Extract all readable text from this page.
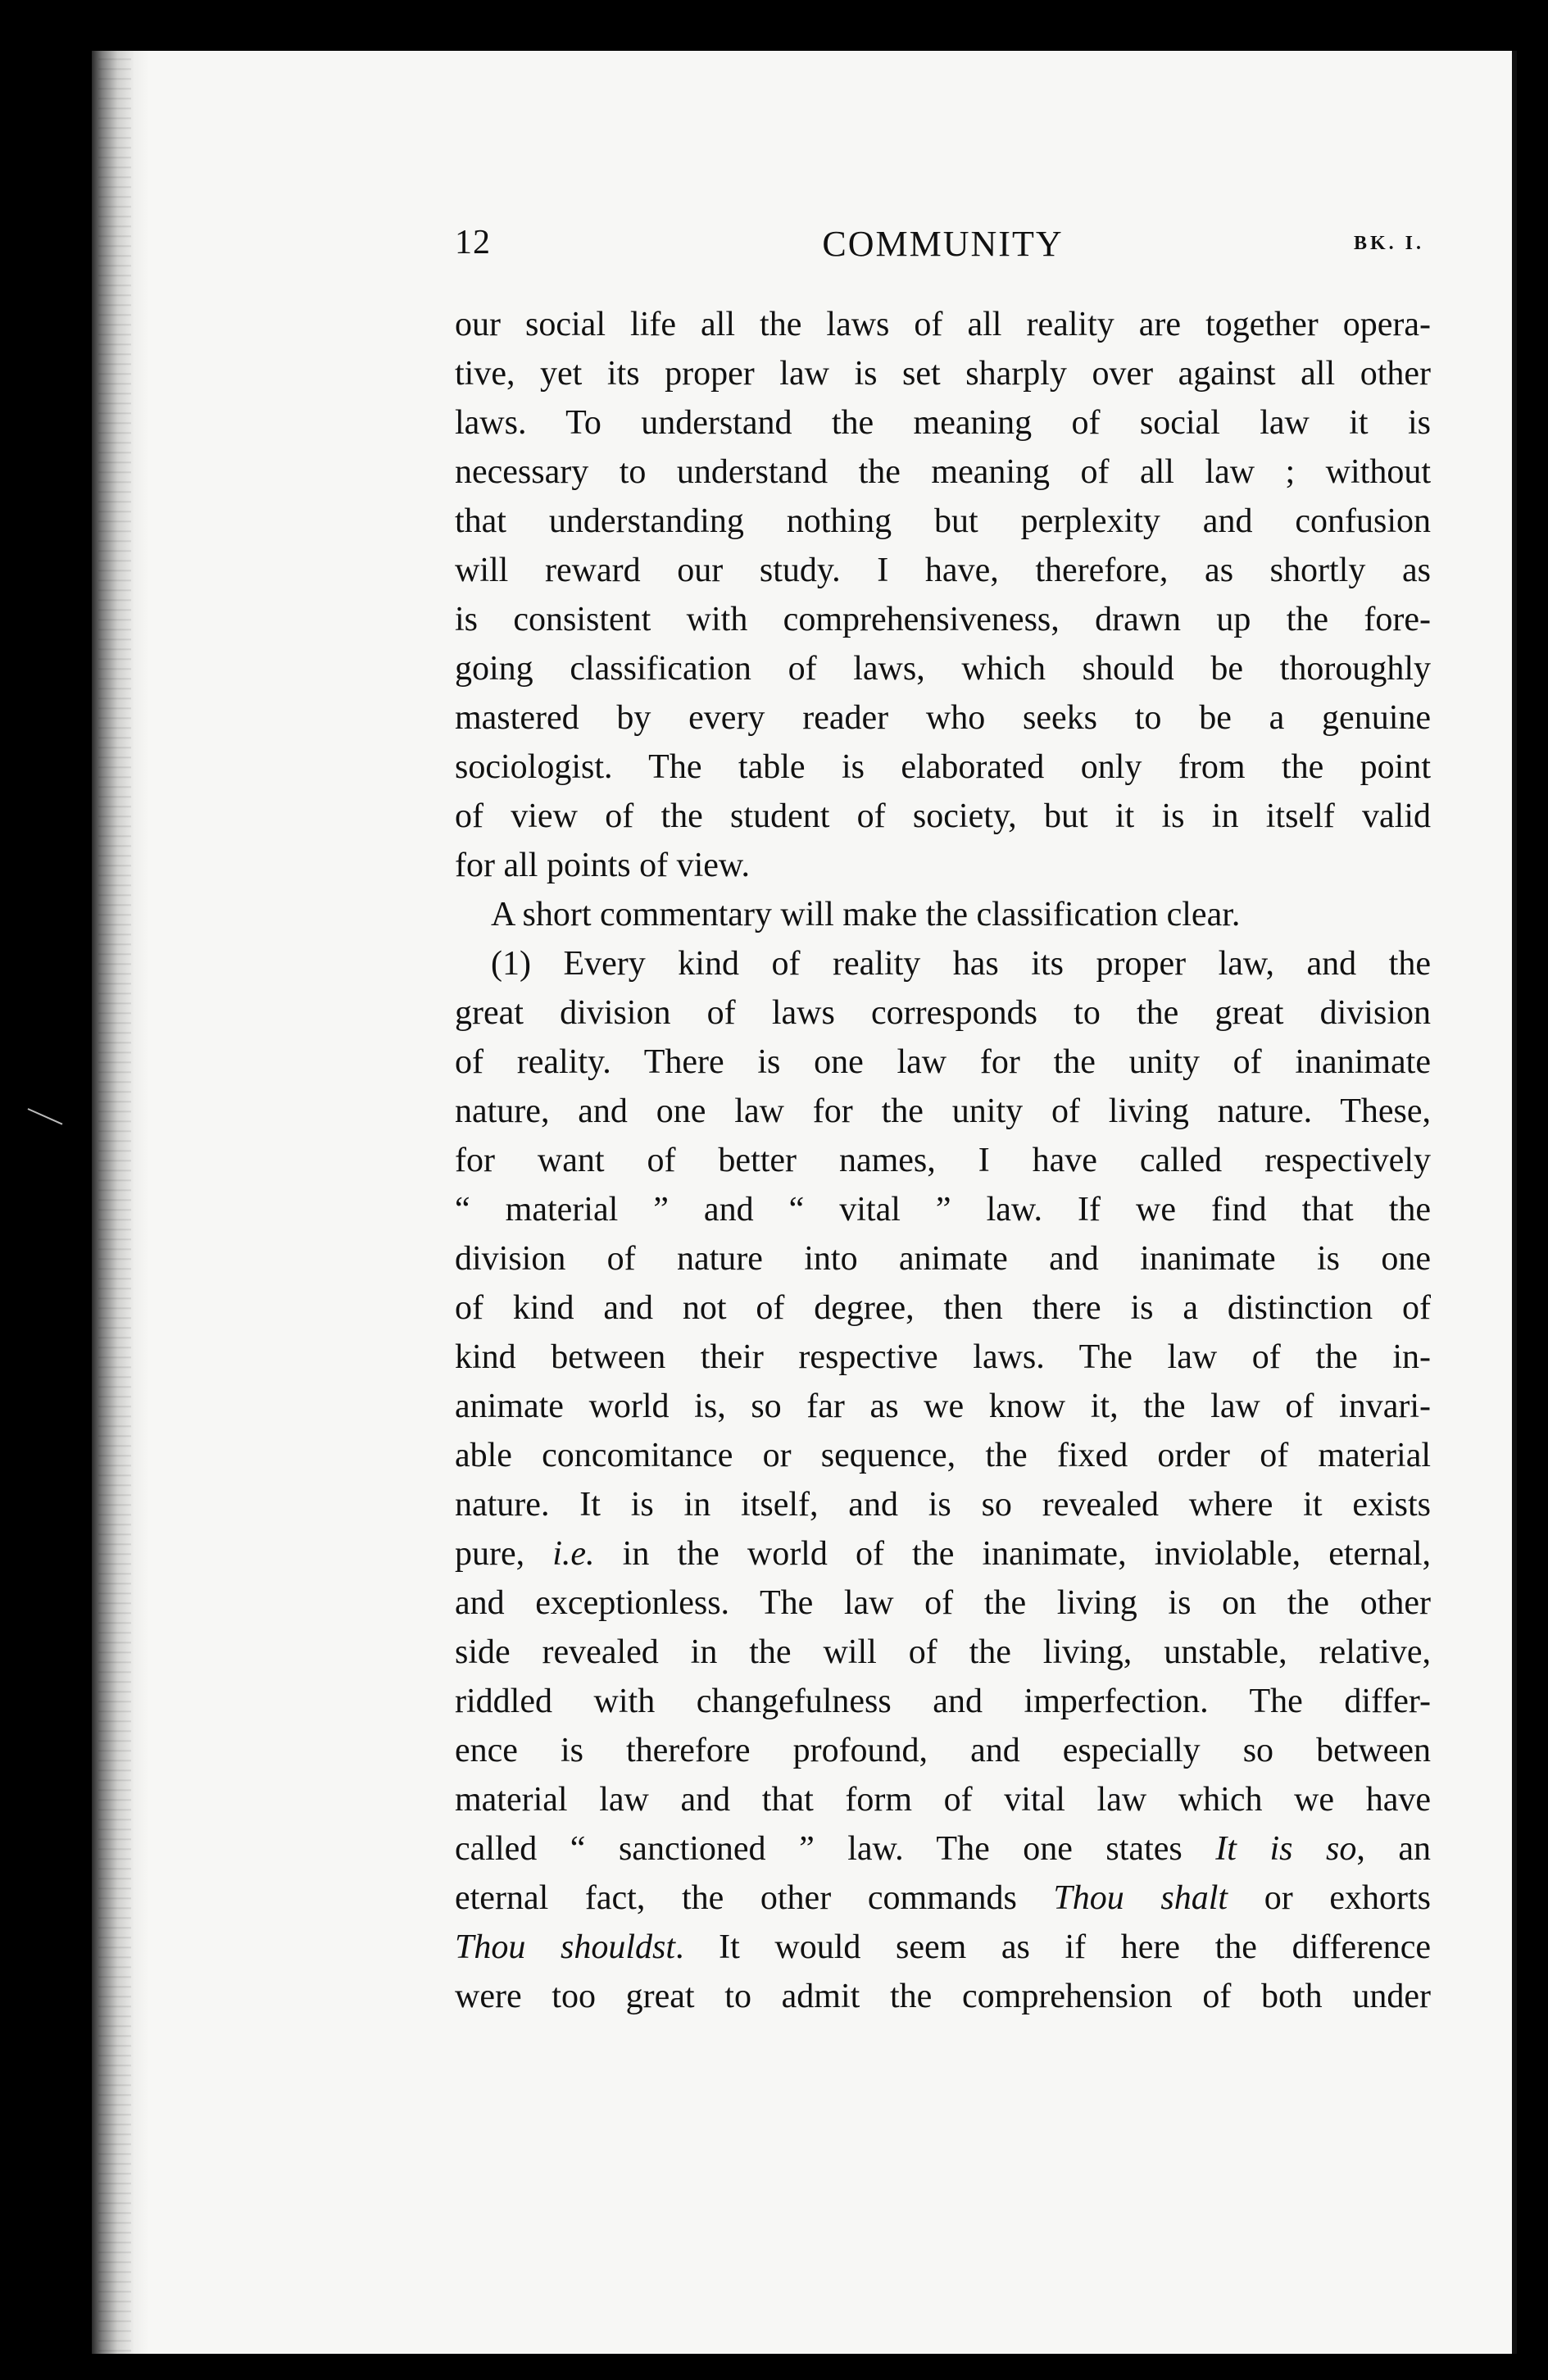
12	COMMUNITY	BK. I.
our social life all the laws of all reality are together opera-
tive, yet its proper law is set sharply over against all other
laws. To understand the meaning of social law it is
necessary to understand the meaning of all law ; without
that understanding nothing but perplexity and confusion
will reward our study. I have, therefore, as shortly as
is consistent with comprehensiveness, drawn up the fore-
going classification of laws, which should be thoroughly
mastered by every reader who seeks to be a genuine
sociologist. The table is elaborated only from the point
of view of the student of society, but it is in itself valid
for all points of view.
A short commentary will make the classification clear.
(1) Every kind of reality has its proper law, and the
great division of laws corresponds to the great division
of reality. There is one law for the unity of inanimate
nature, and one law for the unity of living nature. These,
for want of better names, I have called respectively
“ material ” and “ vital ” law. If we find that the
division of nature into animate and inanimate is one
of kind and not of degree, then there is a distinction of
kind between their respective laws. The law of the in-
animate world is, so far as we know it, the law of invari-
able concomitance or sequence, the fixed order of material
nature. It is in itself, and is so revealed where it exists
pure, i.e. in the world of the inanimate, inviolable, eternal,
and exceptionless. The law of the living is on the other
side revealed in the will of the living, unstable, relative,
riddled with changefulness and imperfection. The differ-
ence is therefore profound, and especially so between
material law and that form of vital law which we have
called “ sanctioned ” law. The one states It is so, an
eternal fact, the other commands Thou shalt or exhorts
Thou shouldst. It would seem as if here the difference
were too great to admit the comprehension of both under
